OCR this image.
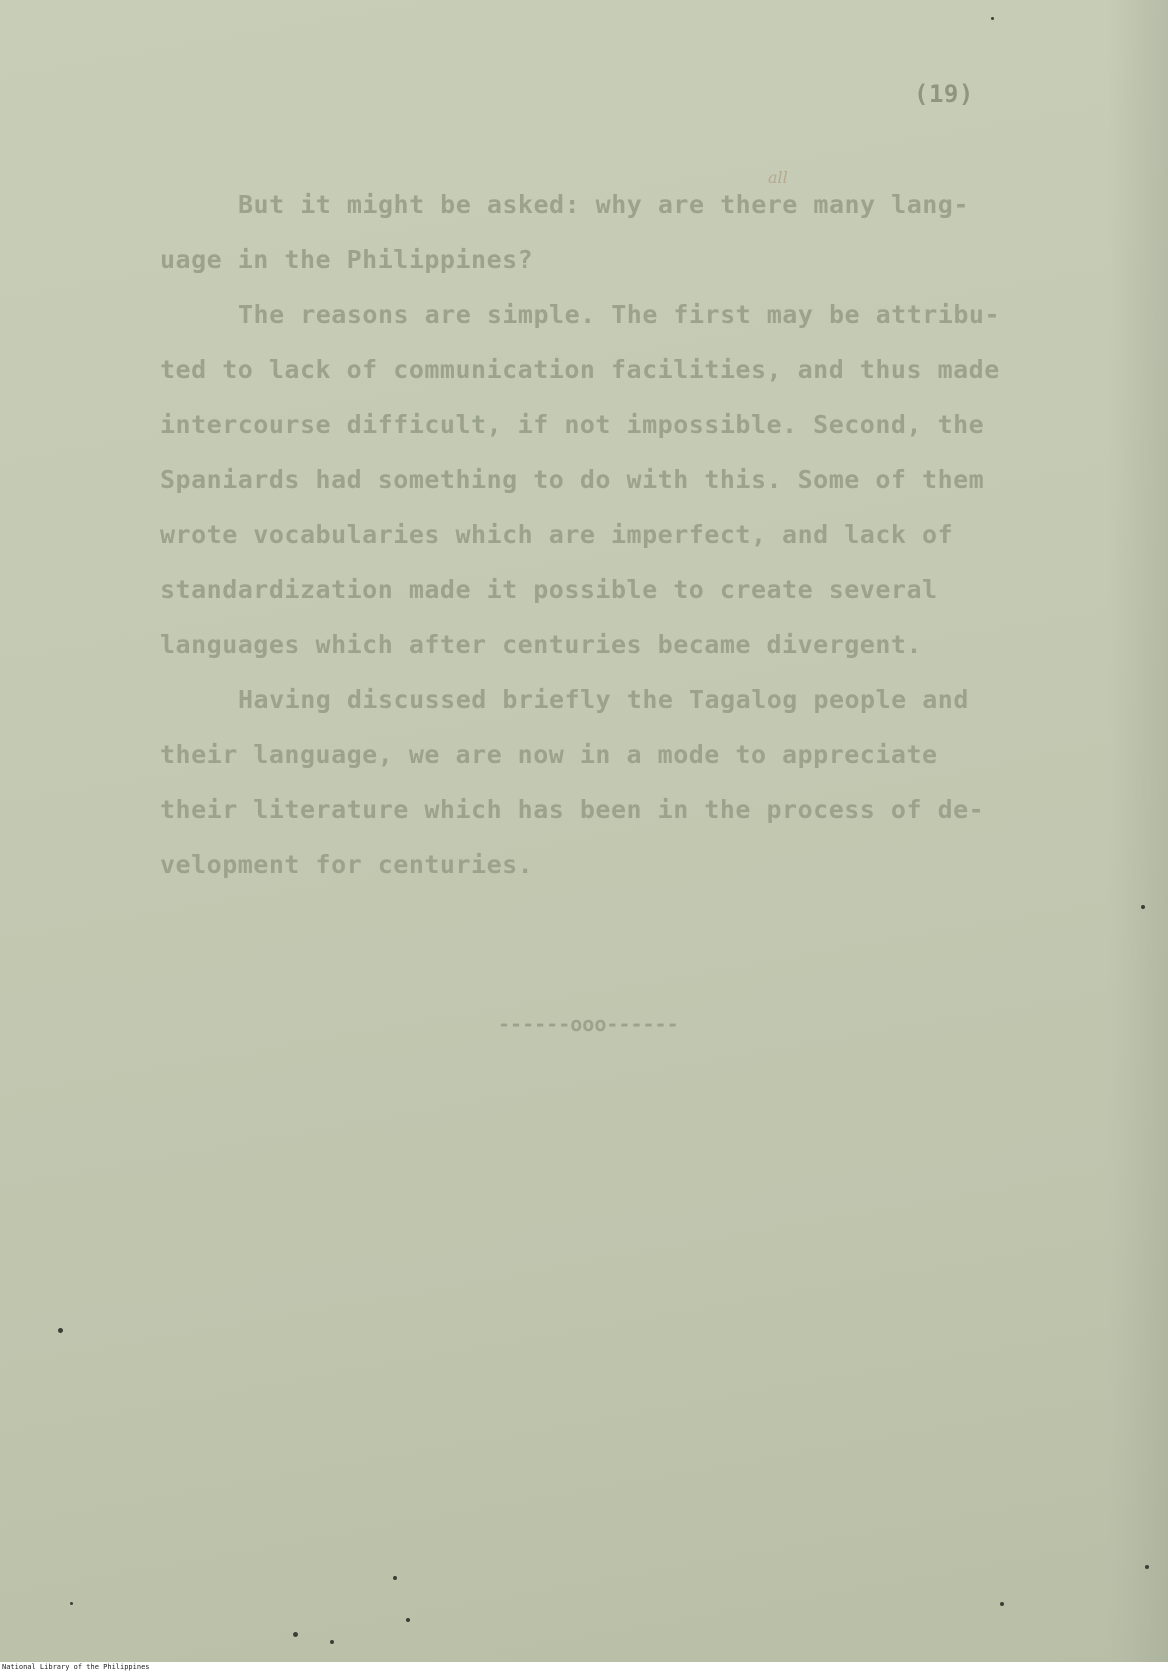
(19)

all

But it might be asked: why are there many lang-

uage in the Philippines?

The reasons are simple. The first may be attribu-

ted to lack of communication facilities, and thus made

intercourse difficult, if not impossible. Second, the

Spaniards had something to do with this. Some of them

wrote vocabularies which are imperfect, and lack of

standardization made it possible to create several

languages which after centuries became divergent.

Having discussed briefly the Tagalog people and

their language, we are now in a mode to appreciate

their literature which has been in the process of de-

velopment for centuries.

------ooo------

National Library of the Philippines
